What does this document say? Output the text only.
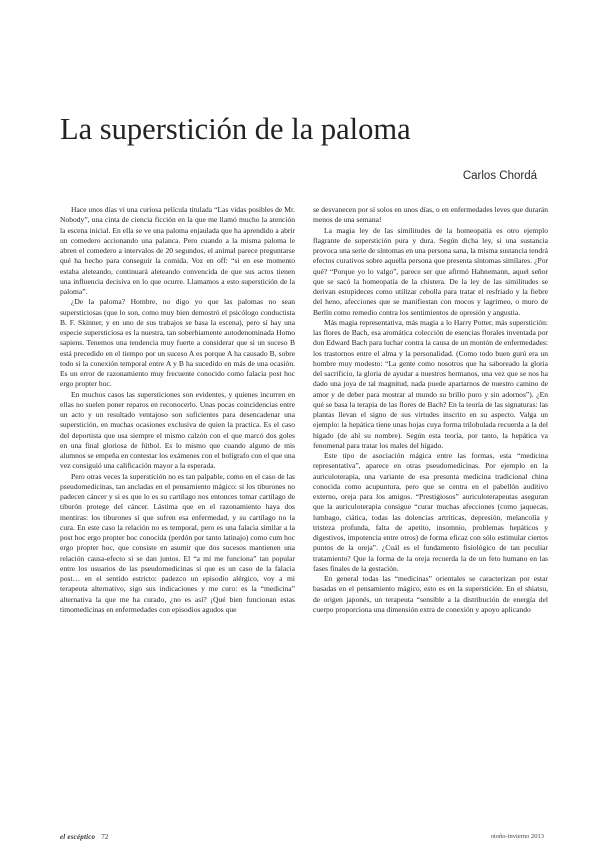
La superstición de la paloma
Carlos Chordá

Hace unos días vi una curiosa película titulada “Las vidas posibles de Mr. Nobody”, una cinta de ciencia ficción en la que me llamó mucho la atención la escena inicial. En ella se ve una paloma enjaulada que ha aprendido a abrir un comedero accionando una palanca. Pero cuando a la misma paloma le abren el comedero a intervalos de 20 segundos, el animal parece preguntarse qué ha hecho para conseguir la comida. Voz en off: “si en ese momento estaba aleteando, continuará aleteando convencida de que sus actos tienen una influencia decisiva en lo que ocurre. Llamamos a esto superstición de la paloma”.

¿De la paloma? Hombre, no digo yo que las palomas no sean supersticiosas (que lo son, como muy bien demostró el psicólogo conductista B. F. Skinner, y en uno de sus trabajos se basa la escena), pero sí hay una especie supersticiosa es la nuestra, tan soberbiamente autodenominada Homo sapiens. Tenemos una tendencia muy fuerte a considerar que si un suceso B está precedido en el tiempo por un suceso A es porque A ha causado B, sobre todo si la conexión temporal entre A y B ha sucedido en más de una ocasión. Es un error de razonamiento muy frecuente conocido como falacia post hoc ergo propter hoc.

En muchos casos las supersticiones son evidentes, y quienes incurren en ellas no suelen poner reparos en reconocerlo. Unas pocas coincidencias entre un acto y un resultado ventajoso son suficientes para desencadenar una superstición, en muchas ocasiones exclusiva de quien la practica. Es el caso del deportista que usa siempre el mismo calzón con el que marcó dos goles en una final gloriosa de fútbol. Es lo mismo que cuando alguno de mis alumnos se empeña en contestar los exámenes con el bolígrafo con el que una vez consiguió una calificación mayor a la esperada.

Pero otras veces la superstición no es tan palpable, como en el caso de las pseudomedicinas, tan ancladas en el pensamiento mágico: si los tiburones no padecen cáncer y si es que lo es su cartílago nos entonces tomar cartílago de tiburón protege del cáncer. Lástima que en el razonamiento haya dos mentiras: los tiburones sí que sufren esa enfermedad, y su cartílago no la cura. En este caso la relación no es temporal, pero es una falacia similar a la post hoc ergo propter hoc conocida (perdón por tanto latinajo) como cum hoc ergo propter hoc, que consiste en asumir que dos sucesos mantienen una relación causa-efecto si se dan juntos. El “a mí me funciona” tan popular entre los usuarios de las pseudomedicinas sí que es un caso de la falacia post… en el sentido estricto: padezco un episodio alérgico, voy a mi terapeuta alternativo, sigo sus indicaciones y me curo: es la “medicina” alternativa la que me ha curado, ¿no es así? ¡Qué bien funcionan estas timomedicinas en enfermedades con episodios agudos que

se desvanecen por sí solos en unos días, o en enfermedades leves que durarán menos de una semana!

La magia ley de las similitudes de la homeopatía es otro ejemplo flagrante de superstición pura y dura. Según dicha ley, si una sustancia provoca una serie de síntomas en una persona sana, la misma sustancia tendrá efectos curativos sobre aquella persona que presenta síntomas similares. ¿Por qué? “Porque yo lo valgo”, parece ser que afirmó Hahnemann, aquel señor que se sacó la homeopatía de la chistera. De la ley de las similitudes se derivan estupideces como utilizar cebolla para tratar el resfriado y la fiebre del heno, afecciones que se manifiestan con mocos y lagrimeo, o muro de Berlín como remedio contra los sentimientos de opresión y angustia.

Más magia representativa, más magia a lo Harry Potter, más superstición: las flores de Bach, esa aromática colección de esencias florales inventada por don Edward Bach para luchar contra la causa de un montón de enfermedades: los trastornos entre el alma y la personalidad. (Como todo buen gurú era un hombre muy modesto: “La gente como nosotros que ha saboreado la gloria del sacrificio, la gloria de ayudar a nuestros hermanos, una vez que se nos ha dado una joya de tal magnitud, nada puede apartarnos de nuestro camino de amor y de deber para mostrar al mundo su brillo puro y sin adornos”). ¿En qué se basa la terapia de las flores de Bach? En la teoría de las signaturas: las plantas llevan el signo de sus virtudes inscrito en su aspecto. Valga un ejemplo: la hepática tiene unas hojas cuya forma trilobulada recuerda a la del hígado (de ahí su nombre). Según esta teoría, por tanto, la hepática va fenomenal para tratar los males del hígado.

Este tipo de asociación mágica entre las formas, esta “medicina representativa”, aparece en otras pseudomedicinas. Por ejemplo en la auriculoterapia, una variante de esa presunta medicina tradicional china conocida como acupuntura, pero que se centra en el pabellón auditivo externo, oreja para los amigos. “Prestigiosos” auriculoterapeutas aseguran que la auriculoterapia consigue “curar muchas afecciones (como jaquecas, lumbago, ciática, todas las dolencias artríticas, depresión, melancolía y tristeza profunda, falta de apetito, insomnio, problemas hepáticos y digestivos, impotencia entre otros) de forma eficaz con sólo estimular ciertos puntos de la oreja”. ¿Cuál es el fundamento fisiológico de tan peculiar tratamiento? Que la forma de la oreja recuerda la de un feto humano en las fases finales de la gestación.

En general todas las “medicinas” orientales se caracterizan por estar basadas en el pensamiento mágico, esto es en la superstición. En el shiatsu, de origen japonés, un terapeuta “sensible a la distribución de energía del cuerpo proporciona una dimensión extra de conexión y apoyo aplicando

el escéptico 72	otoño-invierno 2013
